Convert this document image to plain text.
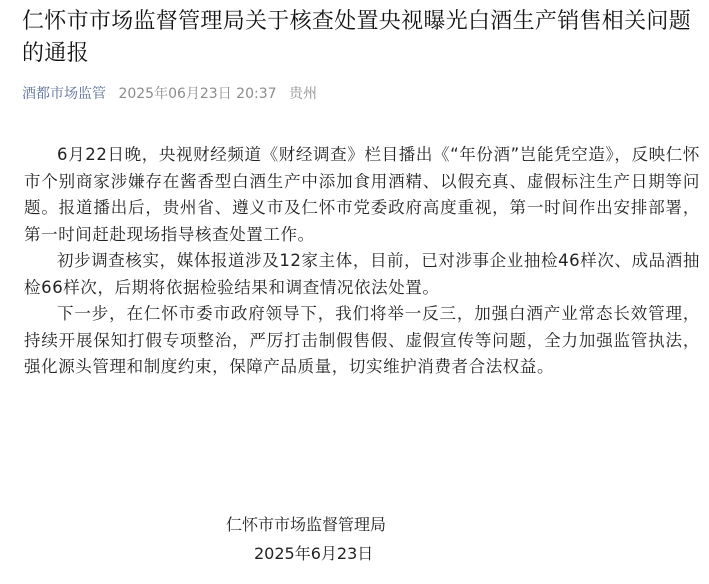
仁怀市市场监督管理局关于核查处置央视曝光白酒生产销售相关问题的通报
酒都市场监管 2025年06月23日 20:37 贵州

6月22日晚，央视财经频道《财经调查》栏目播出《“年份酒”岂能凭空造》，反映仁怀市个别商家涉嫌存在酱香型白酒生产中添加食用酒精、以假充真、虚假标注生产日期等问题。报道播出后，贵州省、遵义市及仁怀市党委政府高度重视，第一时间作出安排部署，第一时间赶赴现场指导核查处置工作。

初步调查核实，媒体报道涉及12家主体，目前，已对涉事企业抽检46样次、成品酒抽检66样次，后期将依据检验结果和调查情况依法处置。

下一步，在仁怀市委市政府领导下，我们将举一反三，加强白酒产业常态长效管理，持续开展保知打假专项整治，严厉打击制假售假、虚假宣传等问题，全力加强监管执法，强化源头管理和制度约束，保障产品质量，切实维护消费者合法权益。

仁怀市市场监督管理局
2025年6月23日
